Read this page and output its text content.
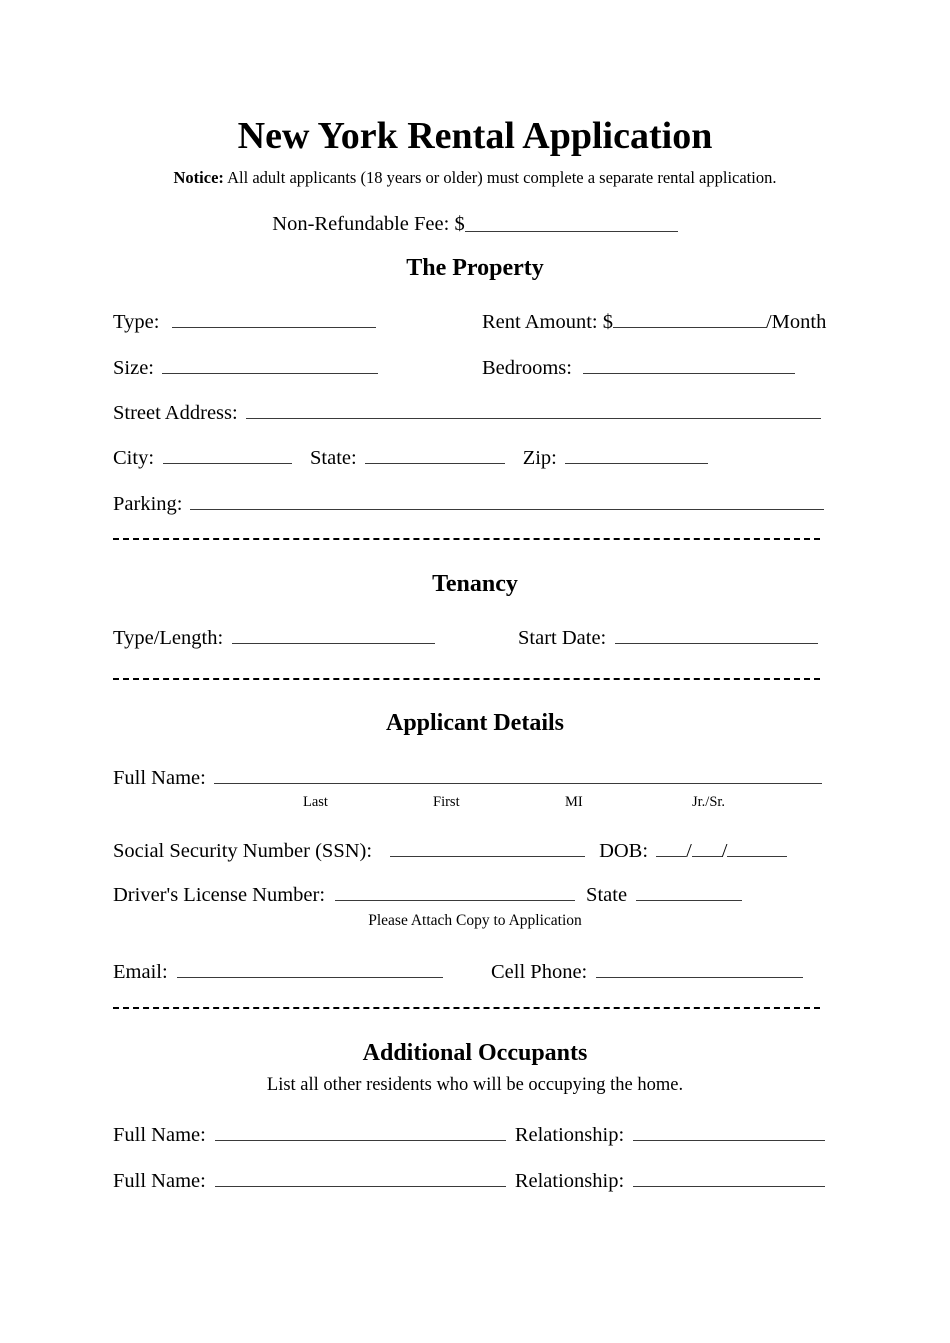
New York Rental Application
Notice: All adult applicants (18 years or older) must complete a separate rental application.
Non-Refundable Fee: $
The Property
Type:	Rent Amount: $	/Month
Size:	Bedrooms:
Street Address:
City:	State:	Zip:
Parking:
Tenancy
Type/Length:	Start Date:
Applicant Details
Full Name:
Last	First	MI	Jr./Sr.
Social Security Number (SSN):	DOB: / /
Driver's License Number:	State
Please Attach Copy to Application
Email:	Cell Phone:
Additional Occupants
List all other residents who will be occupying the home.
Full Name:	Relationship:
Full Name:	Relationship:
